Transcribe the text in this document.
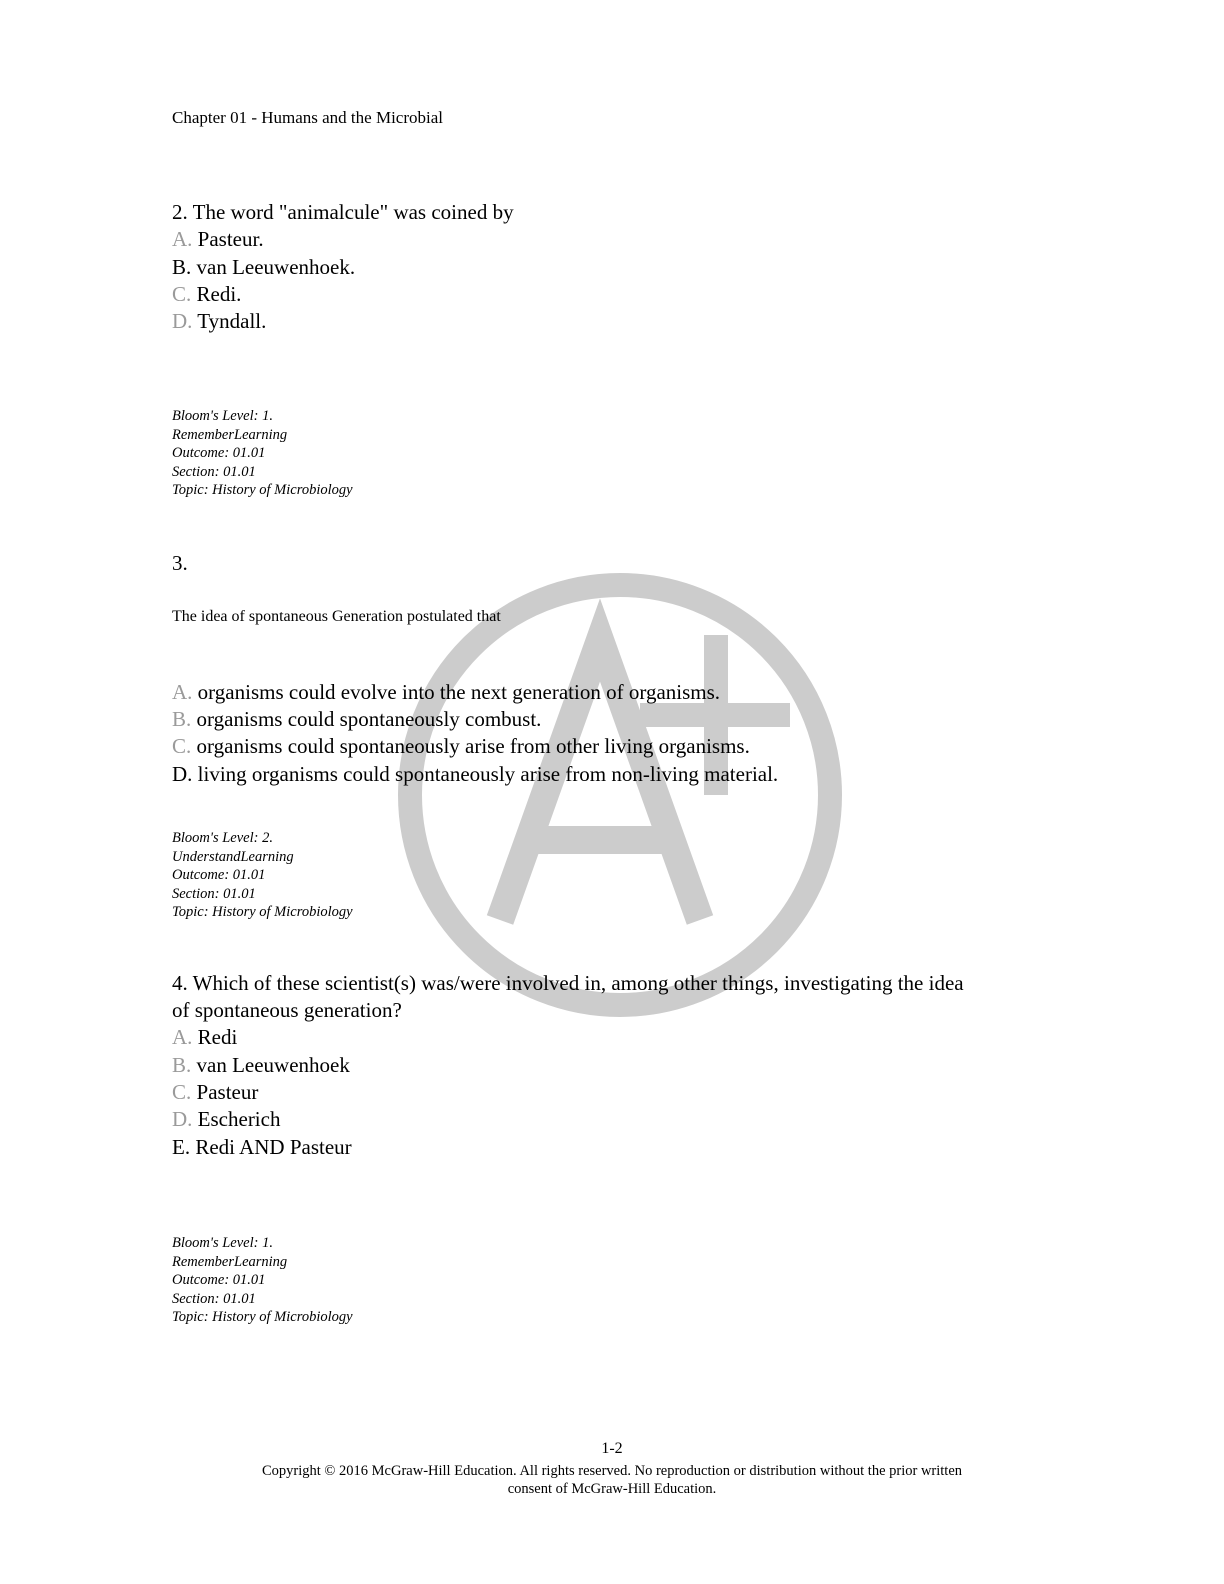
Chapter 01 - Humans and the Microbial
2. The word "animalcule" was coined by
A. Pasteur.
B. van Leeuwenhoek.
C. Redi.
D. Tyndall.
Bloom's Level: 1.
RememberLearning
Outcome: 01.01
Section: 01.01
Topic: History of Microbiology
3.
The idea of spontaneous Generation postulated that
A. organisms could evolve into the next generation of organisms.
B. organisms could spontaneously combust.
C. organisms could spontaneously arise from other living organisms.
D. living organisms could spontaneously arise from non-living material.
Bloom's Level: 2.
UnderstandLearning
Outcome: 01.01
Section: 01.01
Topic: History of Microbiology
4. Which of these scientist(s) was/were involved in, among other things, investigating the idea
of spontaneous generation?
A. Redi
B. van Leeuwenhoek
C. Pasteur
D. Escherich
E. Redi AND Pasteur
Bloom's Level: 1.
RememberLearning
Outcome: 01.01
Section: 01.01
Topic: History of Microbiology
1-2
Copyright © 2016 McGraw-Hill Education. All rights reserved. No reproduction or distribution without the prior written
consent of McGraw-Hill Education.
